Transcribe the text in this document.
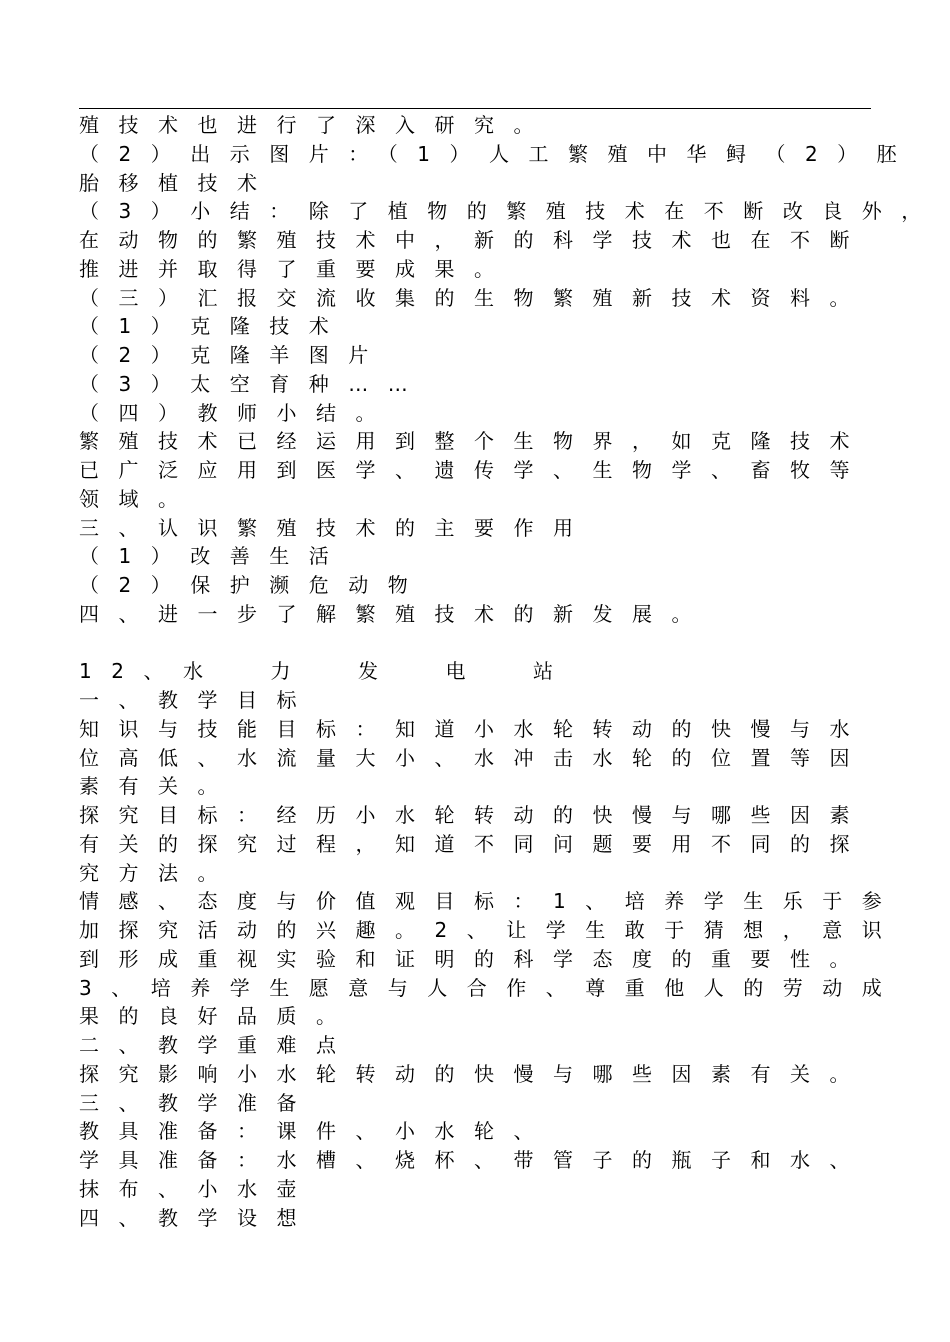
殖技术也进行了深入研究。
（2）出示图片：（1）人工繁殖中华鲟（2）胚
胎移植技术
（3）小结：除了植物的繁殖技术在不断改良外，
在动物的繁殖技术中，新的科学技术也在不断
推进并取得了重要成果。
（三）汇报交流收集的生物繁殖新技术资料。
（1）克隆技术
（2）克隆羊图片
（3）太空育种……
（四）教师小结。
繁殖技术已经运用到整个生物界，如克隆技术
已广泛应用到医学、遗传学、生物学、畜牧等
领域。
三、认识繁殖技术的主要作用
（1）改善生活
（2）保护濒危动物
四、进一步了解繁殖技术的新发展。
12、水 力 发 电 站
一、教学目标
知识与技能目标：知道小水轮转动的快慢与水
位高低、水流量大小、水冲击水轮的位置等因
素有关。
探究目标：经历小水轮转动的快慢与哪些因素
有关的探究过程，知道不同问题要用不同的探
究方法。
情感、态度与价值观目标：1、培养学生乐于参
加探究活动的兴趣。2、让学生敢于猜想，意识
到形成重视实验和证明的科学态度的重要性。
3、培养学生愿意与人合作、尊重他人的劳动成
果的良好品质。
二、教学重难点
探究影响小水轮转动的快慢与哪些因素有关。
三、教学准备
教具准备：课件、小水轮、
学具准备：水槽、烧杯、带管子的瓶子和水、
抹布、小水壶
四、教学设想
